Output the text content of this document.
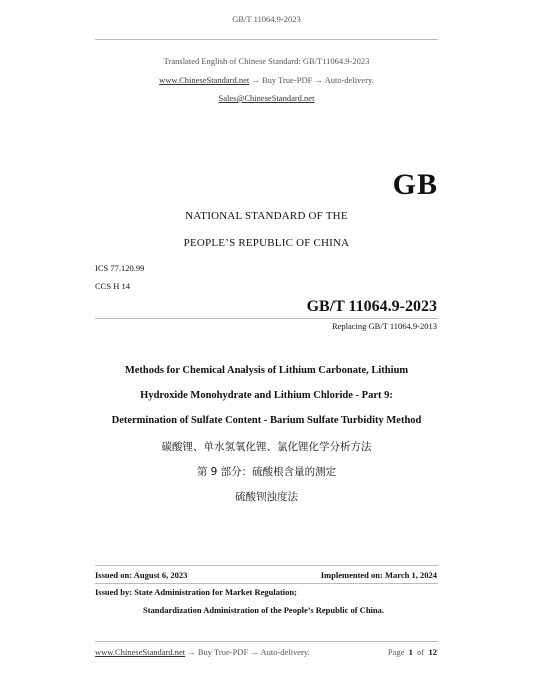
GB/T 11064.9-2023
Translated English of Chinese Standard: GB/T11064.9-2023
www.ChineseStandard.net → Buy True-PDF → Auto-delivery.
Sales@ChineseStandard.net
GB
NATIONAL STANDARD OF THE
PEOPLE’S REPUBLIC OF CHINA
ICS 77.120.99
CCS H 14
GB/T 11064.9-2023
Replacing GB/T 11064.9-2013
Methods for Chemical Analysis of Lithium Carbonate, Lithium
Hydroxide Monohydrate and Lithium Chloride - Part 9:
Determination of Sulfate Content - Barium Sulfate Turbidity Method
碳酸锂、单水氢氧化锂、氯化锂化学分析方法
第 9 部分：硫酸根含量的测定
硫酸钡浊度法
Issued on: August 6, 2023	Implemented on: March 1, 2024
Issued by: State Administration for Market Regulation;
Standardization Administration of the People’s Republic of China.
www.ChineseStandard.net → Buy True-PDF → Auto-delivery.	Page 1 of 12
